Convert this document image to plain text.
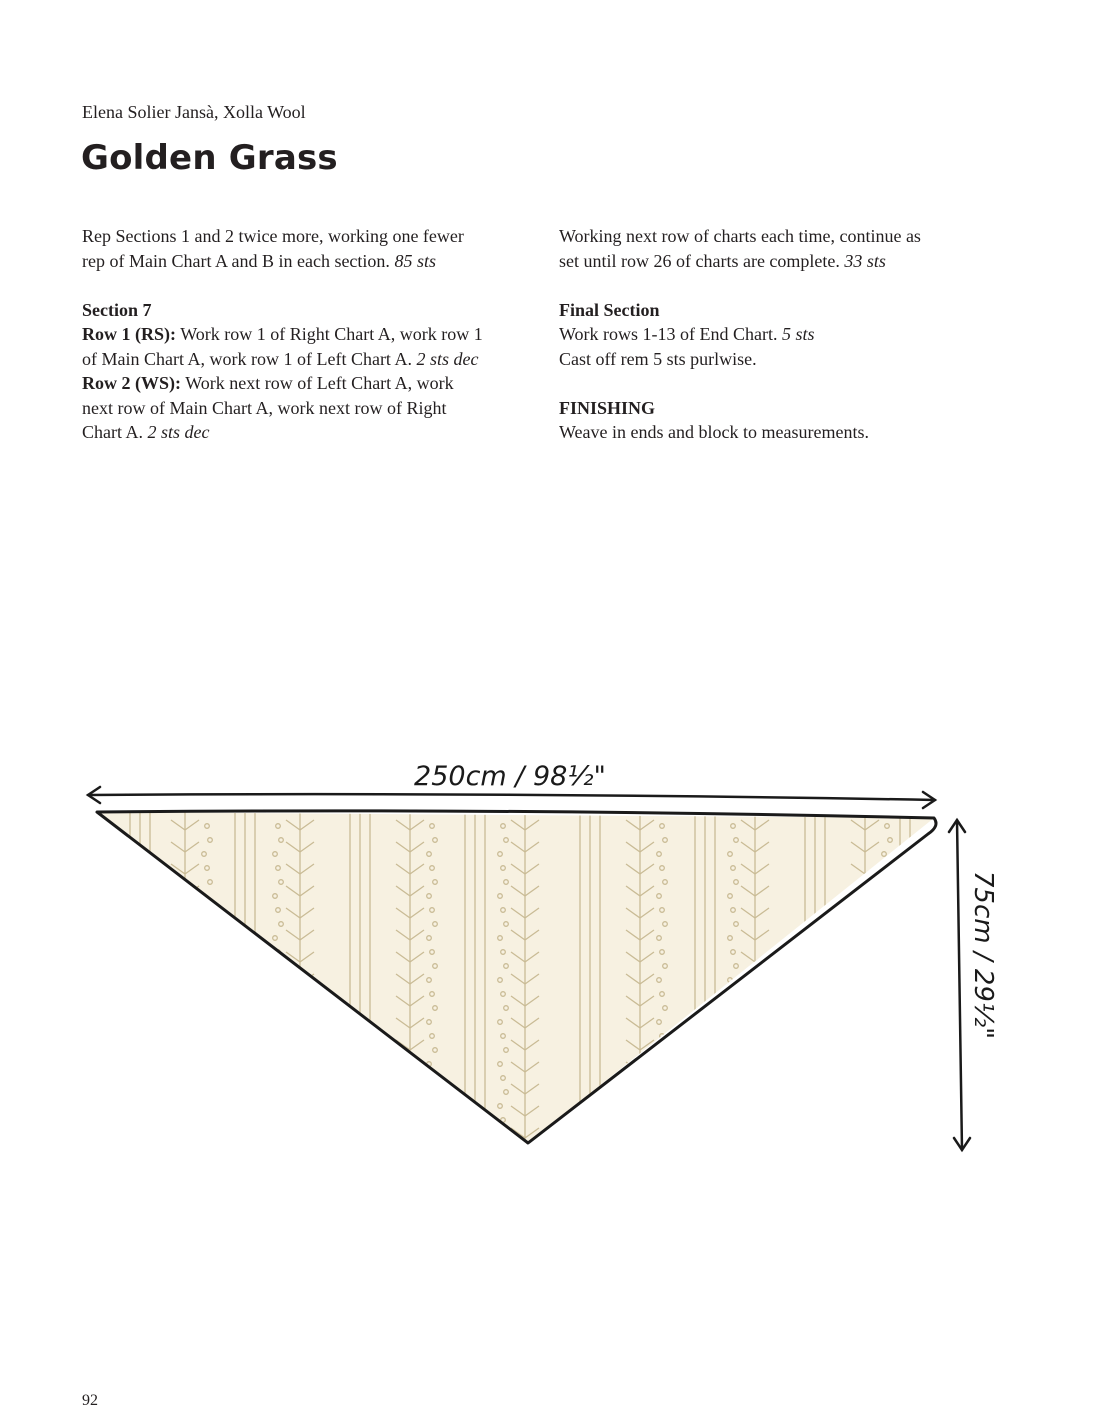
Elena Solier Jansà, Xolla Wool
Golden Grass

Rep Sections 1 and 2 twice more, working one fewer
rep of Main Chart A and B in each section. 85 sts

Section 7
Row 1 (RS): Work row 1 of Right Chart A, work row 1
of Main Chart A, work row 1 of Left Chart A. 2 sts dec
Row 2 (WS): Work next row of Left Chart A, work
next row of Main Chart A, work next row of Right
Chart A. 2 sts dec

Working next row of charts each time, continue as
set until row 26 of charts are complete. 33 sts

Final Section
Work rows 1-13 of End Chart. 5 sts
Cast off rem 5 sts purlwise.

FINISHING
Weave in ends and block to measurements.

250cm / 98½"
75cm / 29½"
92
